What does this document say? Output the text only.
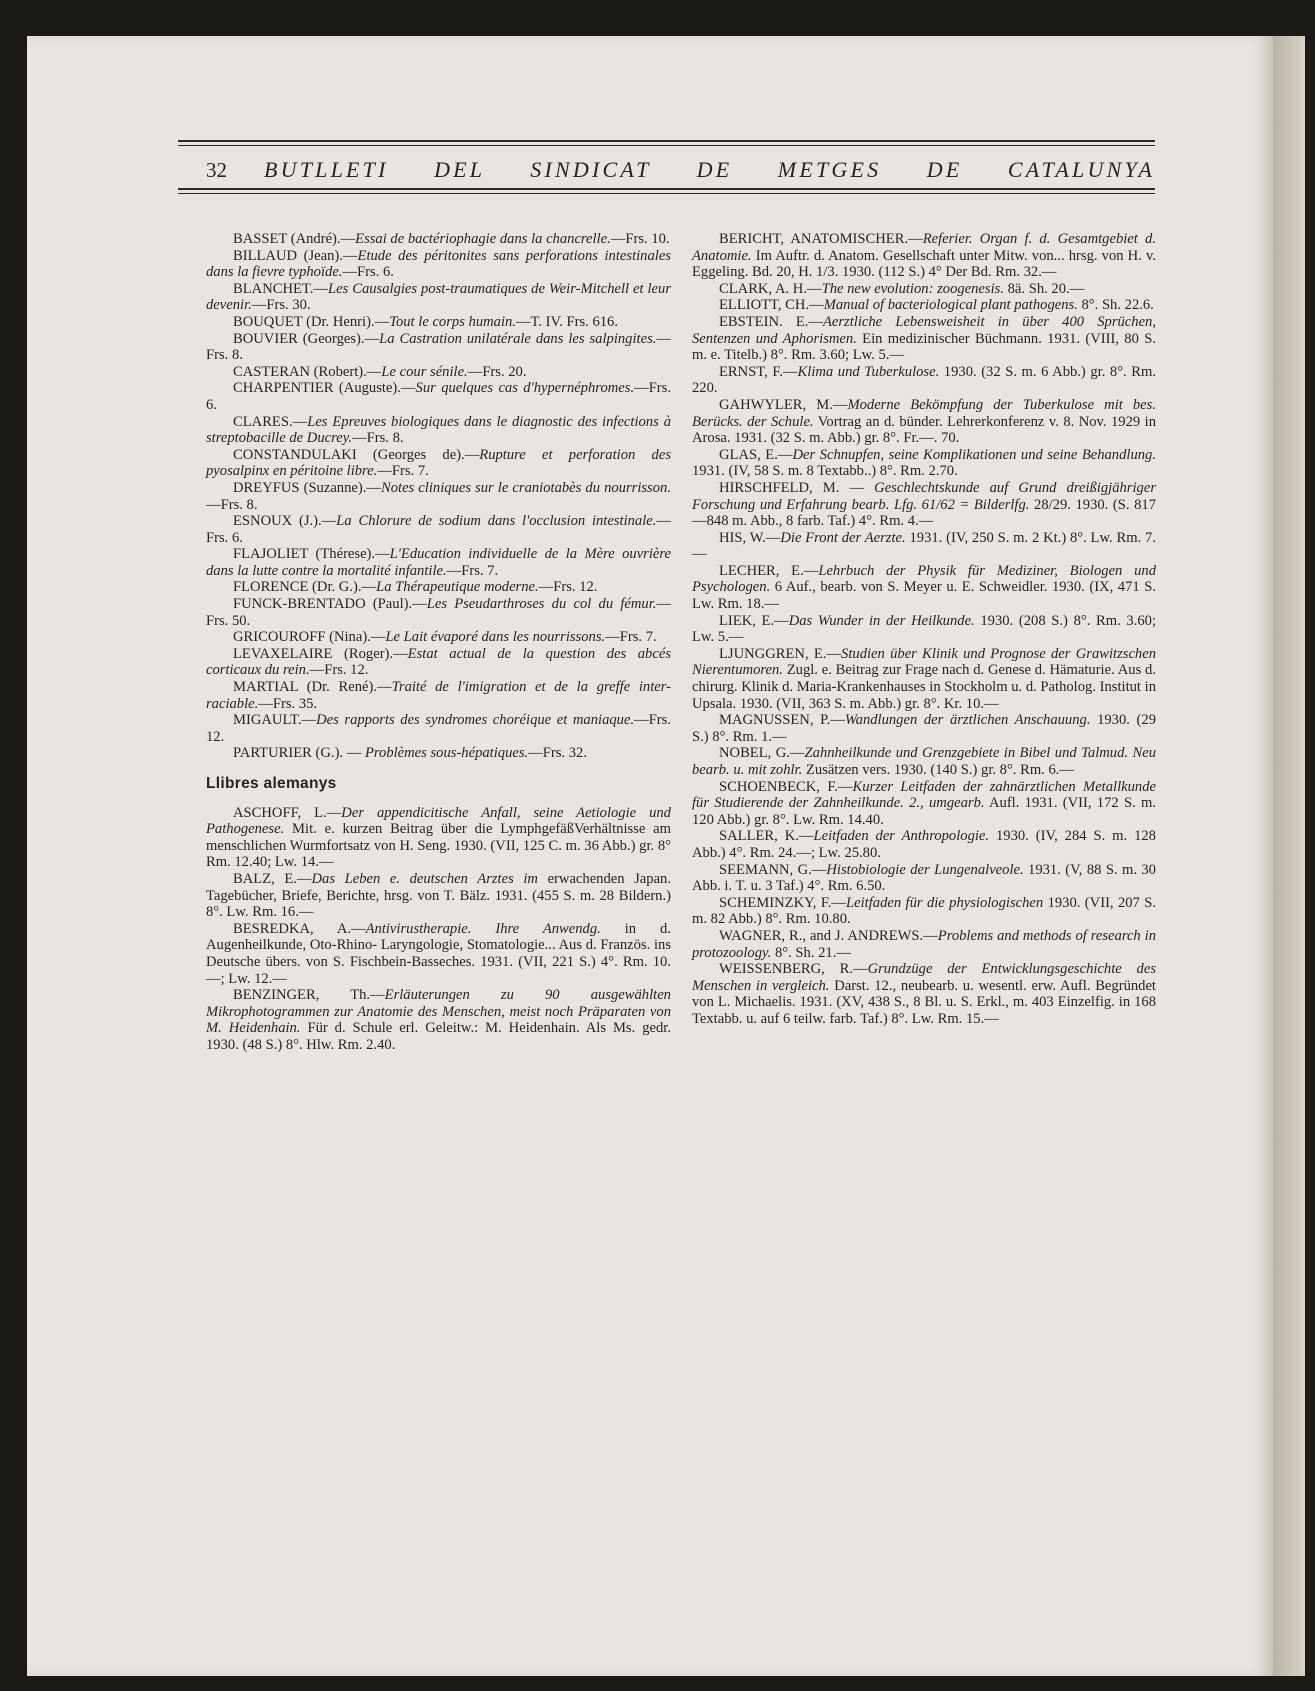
32	BUTLLETI DEL SINDICAT DE METGES DE CATALUNYA
BASSET (André).—Essai de bactériophagie dans la chancrelle.—Frs. 10.
BILLAUD (Jean).—Etude des péritonites sans perforations intestinales dans la fievre typhoïde.—Frs. 6.
BLANCHET.—Les Causalgies post-traumatiques de Weir-Mitchell et leur devenir.—Frs. 30.
BOUQUET (Dr. Henri).—Tout le corps humain.—T. IV. Frs. 616.
BOUVIER (Georges).—La Castration unilatérale dans les salpingites.—Frs. 8.
CASTERAN (Robert).—Le cour sénile.—Frs. 20.
CHARPENTIER (Auguste).—Sur quelques cas d'hypernéphromes.—Frs. 6.
CLARES.—Les Epreuves biologiques dans le diagnostic des infections à streptobacille de Ducrey.—Frs. 8.
CONSTANDULAKI (Georges de).—Rupture et perforation des pyosalpinx en péritoine libre.—Frs. 7.
DREYFUS (Suzanne).—Notes cliniques sur le craniotabès du nourrisson.—Frs. 8.
ESNOUX (J.).—La Chlorure de sodium dans l'occlusion intestinale.—Frs. 6.
FLAJOLIET (Thérese).—L'Education individuelle de la Mère ouvrière dans la lutte contre la mortalité infantile.—Frs. 7.
FLORENCE (Dr. G.).—La Thérapeutique moderne.—Frs. 12.
FUNCK-BRENTADO (Paul).—Les Pseudarthroses du col du fémur.—Frs. 50.
GRICOUROFF (Nina).—Le Lait évaporé dans les nourrissons.—Frs. 7.
LEVAXELAIRE (Roger).—Estat actual de la question des abcés corticaux du rein.—Frs. 12.
MARTIAL (Dr. René).—Traité de l'imigration et de la greffe inter-raciable.—Frs. 35.
MIGAULT.—Des rapports des syndromes choréique et maniaque.—Frs. 12.
PARTURIER (G.). — Problèmes sous-hépatiques.—Frs. 32.
Llibres alemanys
ASCHOFF, L.—Der appendicitische Anfall, seine Aetiologie und Pathogenese. Mit. e. kurzen Beitrag über die LymphgefäßVerhältnisse am menschlichen Wurmfortsatz von H. Seng. 1930. (VII, 125 C. m. 36 Abb.) gr. 8° Rm. 12.40; Lw. 14.—
BALZ, E.—Das Leben e. deutschen Arztes im erwachenden Japan. Tagebücher, Briefe, Berichte, hrsg. von T. Bälz. 1931. (455 S. m. 28 Bildern.) 8°. Lw. Rm. 16.—
BESREDKA, A.—Antivirustherapie. Ihre Anwendg. in d. Augenheilkunde, Oto-Rhino- Laryngologie, Stomatologie... Aus d. Französ. ins Deutsche übers. von S. Fischbein-Basseches. 1931. (VII, 221 S.) 4°. Rm. 10.—; Lw. 12.—
BENZINGER, Th.—Erläuterungen zu 90 ausgewählten Mikrophotogrammen zur Anatomie des Menschen, meist noch Präparaten von M. Heidenhain. Für d. Schule erl. Geleitw.: M. Heidenhain. Als Ms. gedr. 1930. (48 S.) 8°. Hlw. Rm. 2.40.
BERICHT, ANATOMISCHER.—Referier. Organ f. d. Gesamtgebiet d. Anatomie. Im Auftr. d. Anatom. Gesellschaft unter Mitw. von... hrsg. von H. v. Eggeling. Bd. 20, H. 1/3. 1930. (112 S.) 4° Der Bd. Rm. 32.—
CLARK, A. H.—The new evolution: zoogenesis. 8ä. Sh. 20.—
ELLIOTT, CH.—Manual of bacteriological plant pathogens. 8°. Sh. 22.6.
EBSTEIN. E.—Aerztliche Lebensweisheit in über 400 Sprüchen, Sentenzen und Aphorismen. Ein medizinischer Büchmann. 1931. (VIII, 80 S. m. e. Titelb.) 8°. Rm. 3.60; Lw. 5.—
ERNST, F.—Klima und Tuberkulose. 1930. (32 S. m. 6 Abb.) gr. 8°. Rm. 220.
GAHWYLER, M.—Moderne Bekömpfung der Tuberkulose mit bes. Berücks. der Schule. Vortrag an d. bünder. Lehrerkonferenz v. 8. Nov. 1929 in Arosa. 1931. (32 S. m. Abb.) gr. 8°. Fr.—. 70.
GLAS, E.—Der Schnupfen, seine Komplikationen und seine Behandlung. 1931. (IV, 58 S. m. 8 Textabb..) 8°. Rm. 2.70.
HIRSCHFELD, M. — Geschlechtskunde auf Grund dreißigjähriger Forschung und Erfahrung bearb. Lfg. 61/62 = Bilderlfg. 28/29. 1930. (S. 817—848 m. Abb., 8 farb. Taf.) 4°. Rm. 4.—
HIS, W.—Die Front der Aerzte. 1931. (IV, 250 S. m. 2 Kt.) 8°. Lw. Rm. 7.—
LECHER, E.—Lehrbuch der Physik für Mediziner, Biologen und Psychologen. 6 Auf., bearb. von S. Meyer u. E. Schweidler. 1930. (IX, 471 S. Lw. Rm. 18.—
LIEK, E.—Das Wunder in der Heilkunde. 1930. (208 S.) 8°. Rm. 3.60; Lw. 5.—
LJUNGGREN, E.—Studien über Klinik und Prognose der Grawitzschen Nierentumoren. Zugl. e. Beitrag zur Frage nach d. Genese d. Hämaturie. Aus d. chirurg. Klinik d. Maria-Krankenhauses in Stockholm u. d. Patholog. Institut in Upsala. 1930. (VII, 363 S. m. Abb.) gr. 8°. Kr. 10.—
MAGNUSSEN, P.—Wandlungen der ärztlichen Anschauung. 1930. (29 S.) 8°. Rm. 1.—
NOBEL, G.—Zahnheilkunde und Grenzgebiete in Bibel und Talmud. Neu bearb. u. mit zohlr. Zusätzen vers. 1930. (140 S.) gr. 8°. Rm. 6.—
SCHOENBECK, F.—Kurzer Leitfaden der zahnärztlichen Metallkunde für Studierende der Zahnheilkunde. 2., umgearb. Aufl. 1931. (VII, 172 S. m. 120 Abb.) gr. 8°. Lw. Rm. 14.40.
SALLER, K.—Leitfaden der Anthropologie. 1930. (IV, 284 S. m. 128 Abb.) 4°. Rm. 24.—; Lw. 25.80.
SEEMANN, G.—Histobiologie der Lungenalveole. 1931. (V, 88 S. m. 30 Abb. i. T. u. 3 Taf.) 4°. Rm. 6.50.
SCHEMINZKY, F.—Leitfaden für die physiologischen 1930. (VII, 207 S. m. 82 Abb.) 8°. Rm. 10.80.
WAGNER, R., and J. ANDREWS.—Problems and methods of research in protozoology. 8°. Sh. 21.—
WEISSENBERG, R.—Grundzüge der Entwicklungsgeschichte des Menschen in vergleich. Darst. 12., neubearb. u. wesentl. erw. Aufl. Begründet von L. Michaelis. 1931. (XV, 438 S., 8 Bl. u. S. Erkl., m. 403 Einzelfig. in 168 Textabb. u. auf 6 teilw. farb. Taf.) 8°. Lw. Rm. 15.—
